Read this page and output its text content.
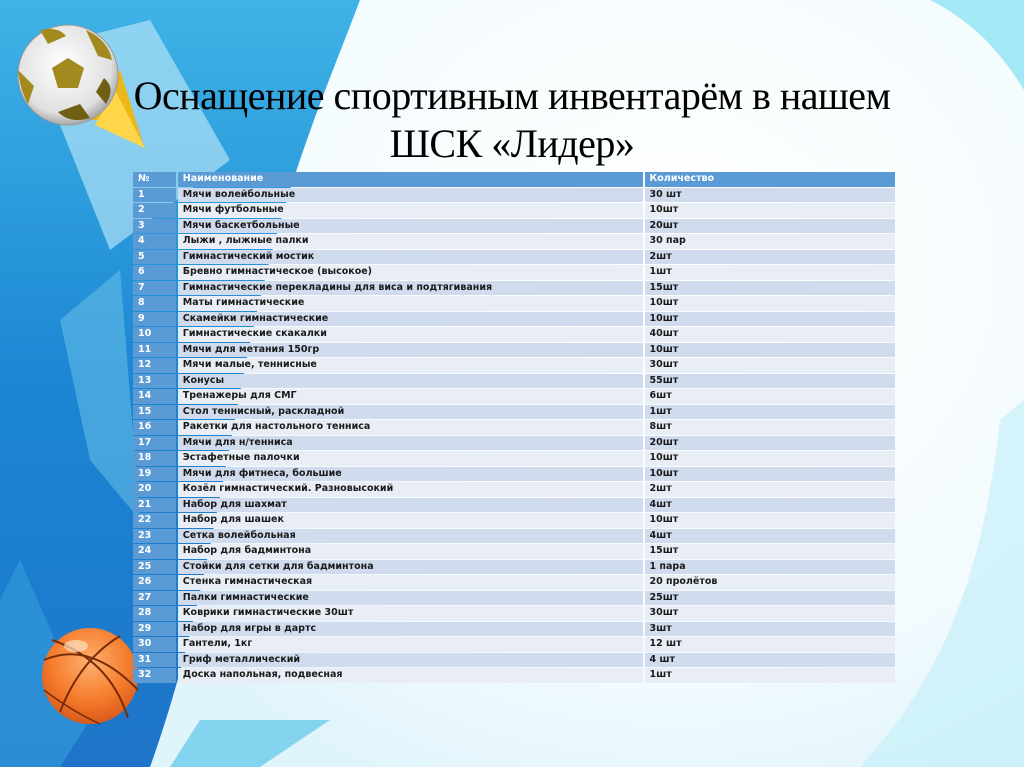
Оснащение спортивным инвентарём в нашем
ШСК «Лидер»
№	Наименование	Количество
1	Мячи волейбольные	30 шт
2	Мячи футбольные	10шт
3	Мячи баскетбольные	20шт
4	Лыжи , лыжные палки	30 пар
5	Гимнастический мостик	2шт
6	Бревно гимнастическое (высокое)	1шт
7	Гимнастические перекладины для виса и подтягивания	15шт
8	Маты гимнастические	10шт
9	Скамейки гимнастические	10шт
10	Гимнастические скакалки	40шт
11	Мячи для метания 150гр	10шт
12	Мячи малые, теннисные	30шт
13	Конусы	55шт
14	Тренажеры для СМГ	6шт
15	Стол теннисный, раскладной	1шт
16	Ракетки для настольного тенниса	8шт
17	Мячи для н/тенниса	20шт
18	Эстафетные палочки	10шт
19	Мячи для фитнеса, большие	10шт
20	Козёл гимнастический. Разновысокий	2шт
21	Набор для шахмат	4шт
22	Набор для шашек	10шт
23	Сетка волейбольная	4шт
24	Набор для бадминтона	15шт
25	Стойки для сетки для бадминтона	1 пара
26	Стенка гимнастическая	20 пролётов
27	Палки гимнастические	25шт
28	Коврики гимнастические 30шт	30шт
29	Набор для игры в дартс	3шт
30	Гантели, 1кг	12 шт
31	Гриф металлический	4 шт
32	Доска напольная, подвесная	1шт
